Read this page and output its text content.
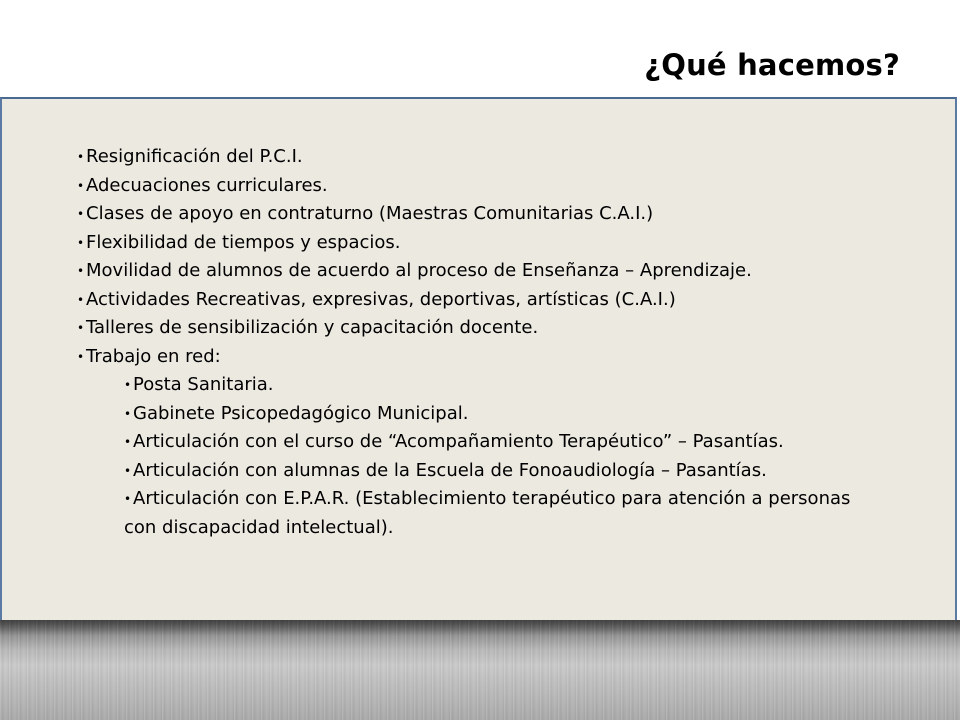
¿Qué hacemos?
• Resignificación del P.C.I.
• Adecuaciones curriculares.
• Clases de apoyo en contraturno (Maestras Comunitarias C.A.I.)
• Flexibilidad de tiempos y espacios.
• Movilidad de alumnos de acuerdo al proceso de Enseñanza – Aprendizaje.
• Actividades Recreativas, expresivas, deportivas, artísticas (C.A.I.)
• Talleres de sensibilización y capacitación docente.
• Trabajo en red:
• Posta Sanitaria.
• Gabinete Psicopedagógico Municipal.
• Articulación con el curso de “Acompañamiento Terapéutico” – Pasantías.
• Articulación con alumnas de la Escuela de Fonoaudiología – Pasantías.
• Articulación con E.P.A.R. (Establecimiento terapéutico para atención a personas con discapacidad intelectual).
